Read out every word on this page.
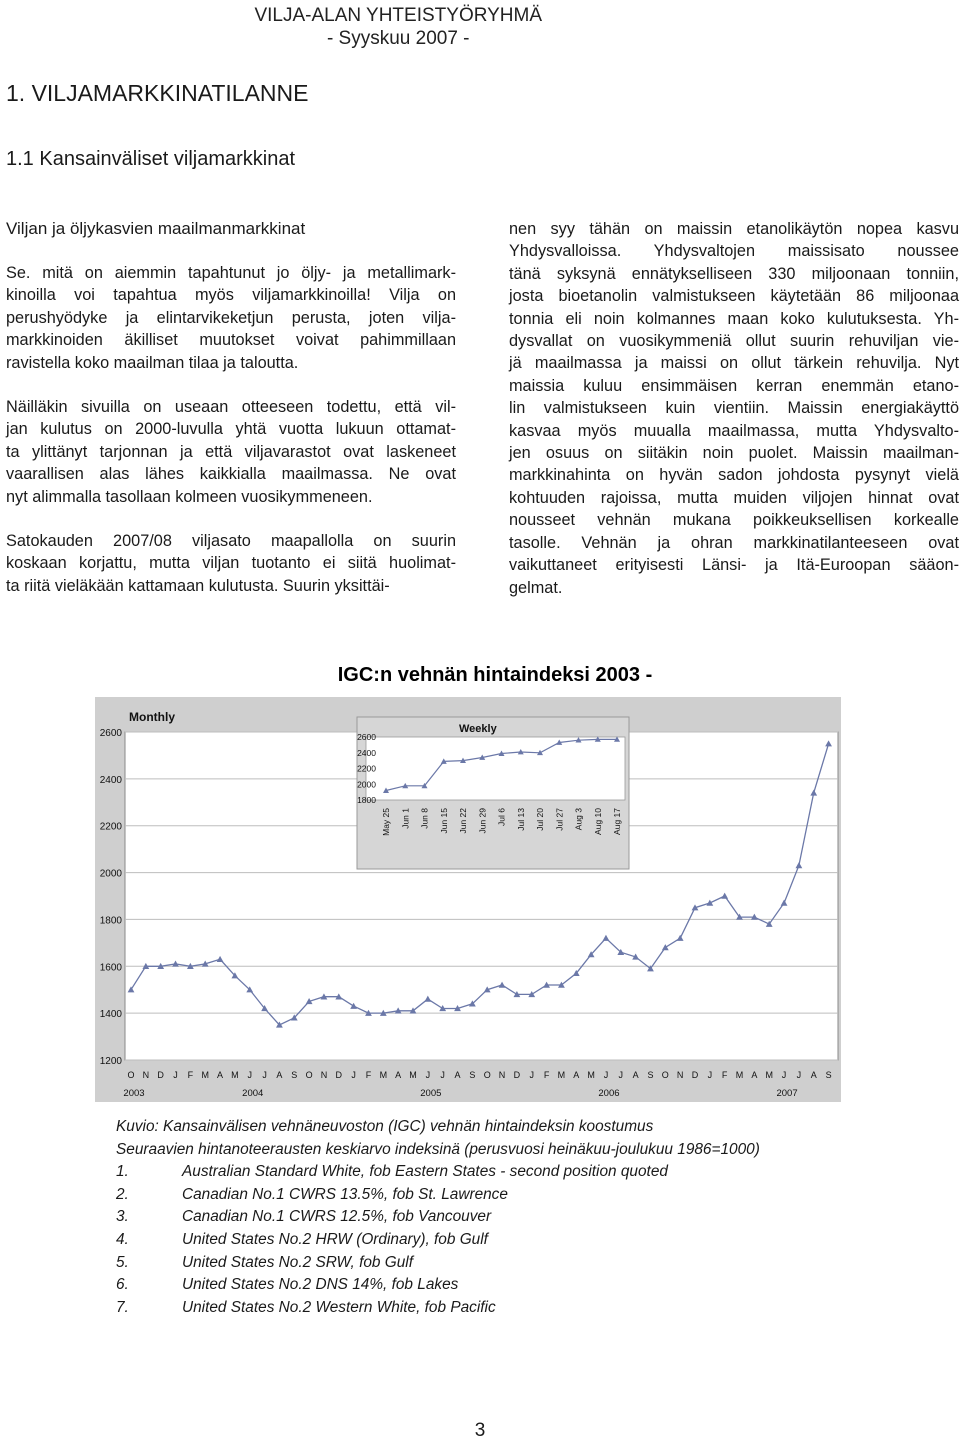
VILJA-ALAN YHTEISTYÖRYHMÄ
- Syyskuu 2007 -
1. VILJAMARKKINATILANNE
1.1 Kansainväliset viljamarkkinat
Viljan ja öljykasvien maailmanmarkkinat

Se. mitä on aiemmin tapahtunut jo öljy- ja metallimark-
kinoilla voi tapahtua myös viljamarkkinoilla! Vilja on
perushyödyke ja elintarvikeketjun perusta, joten vilja-
markkinoiden äkilliset muutokset voivat pahimmillaan
ravistella koko maailman tilaa ja taloutta.

Näilläkin sivuilla on useaan otteeseen todettu, että vil-
jan kulutus on 2000-luvulla yhtä vuotta lukuun ottamat-
ta ylittänyt tarjonnan ja että viljavarastot ovat laskeneet
vaarallisen alas lähes kaikkialla maailmassa. Ne ovat
nyt alimmalla tasollaan kolmeen vuosikymmeneen.

Satokauden 2007/08 viljasato maapallolla on suurin
koskaan korjattu, mutta viljan tuotanto ei siitä huolimat-
ta riitä vieläkään kattamaan kulutusta. Suurin yksittäi-

nen syy tähän on maissin etanolikäytön nopea kasvu
Yhdysvalloissa. Yhdysvaltojen maissisato noussee
tänä syksynä ennätykselliseen 330 miljoonaan tonniin,
josta bioetanolin valmistukseen käytetään 86 miljoonaa
tonnia eli noin kolmannes maan koko kulutuksesta. Yh-
dysvallat on vuosikymmeniä ollut suurin rehuviljan vie-
jä maailmassa ja maissi on ollut tärkein rehuvilja. Nyt
maissia kuluu ensimmäisen kerran enemmän etano-
lin valmistukseen kuin vientiin. Maissin energiakäyttö
kasvaa myös muualla maailmassa, mutta Yhdysvalto-
jen osuus on siitäkin noin puolet. Maissin maailman-
markkinahinta on hyvän sadon johdosta pysynyt vielä
kohtuuden rajoissa, mutta muiden viljojen hinnat ovat
nousseet vehnän mukana poikkeuksellisen korkealle
tasolle. Vehnän ja ohran markkinatilanteeseen ovat
vaikuttaneet erityisesti Länsi- ja Itä-Euroopan sääon-
gelmat.

IGC:n vehnän hintaindeksi 2003 -
Monthly
1200
1400
1600
1800
2000
2200
2400
2600
O N D J F M A M J J A S O N D J F M A M J J A S O N D J F M A M J J A S O N D J F M A M J J A S
2003	2004	2005	2006	2007
Weekly
1800
2000
2200
2400
2600
May 25 Jun 1 Jun 8 Jun 15 Jun 22 Jun 29 Jul 6 Jul 13 Jul 20 Jul 27 Aug 3 Aug 10 Aug 17
Kuvio: Kansainvälisen vehnäneuvoston (IGC) vehnän hintaindeksin koostumus
Seuraavien hintanoteerausten keskiarvo indeksinä (perusvuosi heinäkuu-joulukuu 1986=1000)
1.	Australian Standard White, fob Eastern States - second position quoted
2.	Canadian No.1 CWRS 13.5%, fob St. Lawrence
3.	Canadian No.1 CWRS 12.5%, fob Vancouver
4.	United States No.2 HRW (Ordinary), fob Gulf
5.	United States No.2 SRW, fob Gulf
6.	United States No.2 DNS 14%, fob Lakes
7.	United States No.2 Western White, fob Pacific
3
